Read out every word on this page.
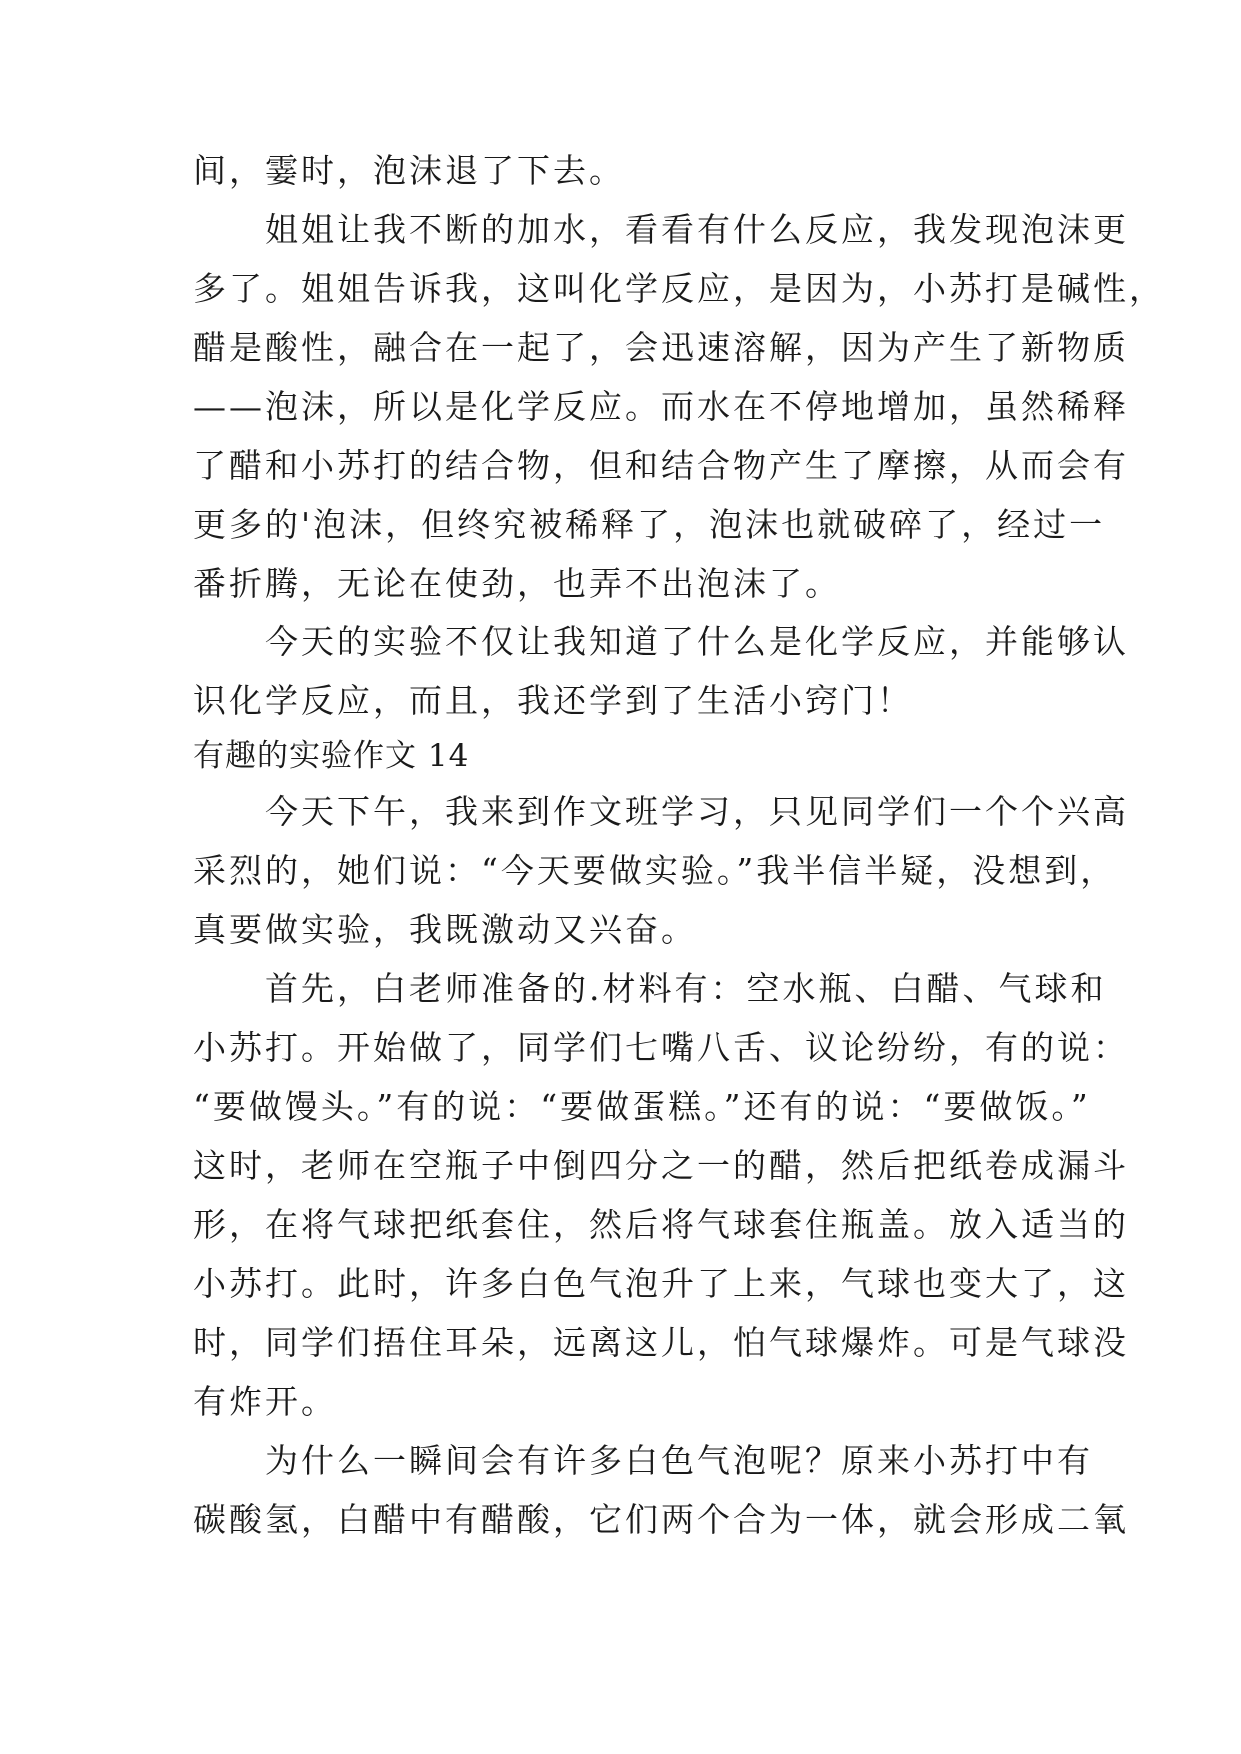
间，霎时，泡沫退了下去。
　　姐姐让我不断的加水，看看有什么反应，我发现泡沫更
多了。姐姐告诉我，这叫化学反应，是因为，小苏打是碱性，
醋是酸性，融合在一起了，会迅速溶解，因为产生了新物质
——泡沫，所以是化学反应。而水在不停地增加，虽然稀释
了醋和小苏打的结合物，但和结合物产生了摩擦，从而会有
更多的'泡沫，但终究被稀释了，泡沫也就破碎了，经过一
番折腾，无论在使劲，也弄不出泡沫了。
　　今天的实验不仅让我知道了什么是化学反应，并能够认
识化学反应，而且，我还学到了生活小窍门！
有趣的实验作文 14
　　今天下午，我来到作文班学习，只见同学们一个个兴高
采烈的，她们说：“今天要做实验。”我半信半疑，没想到，
真要做实验，我既激动又兴奋。
　　首先，白老师准备的.材料有：空水瓶、白醋、气球和
小苏打。开始做了，同学们七嘴八舌、议论纷纷，有的说：
“要做馒头。”有的说：“要做蛋糕。”还有的说：“要做饭。”
这时，老师在空瓶子中倒四分之一的醋，然后把纸卷成漏斗
形，在将气球把纸套住，然后将气球套住瓶盖。放入适当的
小苏打。此时，许多白色气泡升了上来，气球也变大了，这
时，同学们捂住耳朵，远离这儿，怕气球爆炸。可是气球没
有炸开。
　　为什么一瞬间会有许多白色气泡呢？原来小苏打中有
碳酸氢，白醋中有醋酸，它们两个合为一体，就会形成二氧
